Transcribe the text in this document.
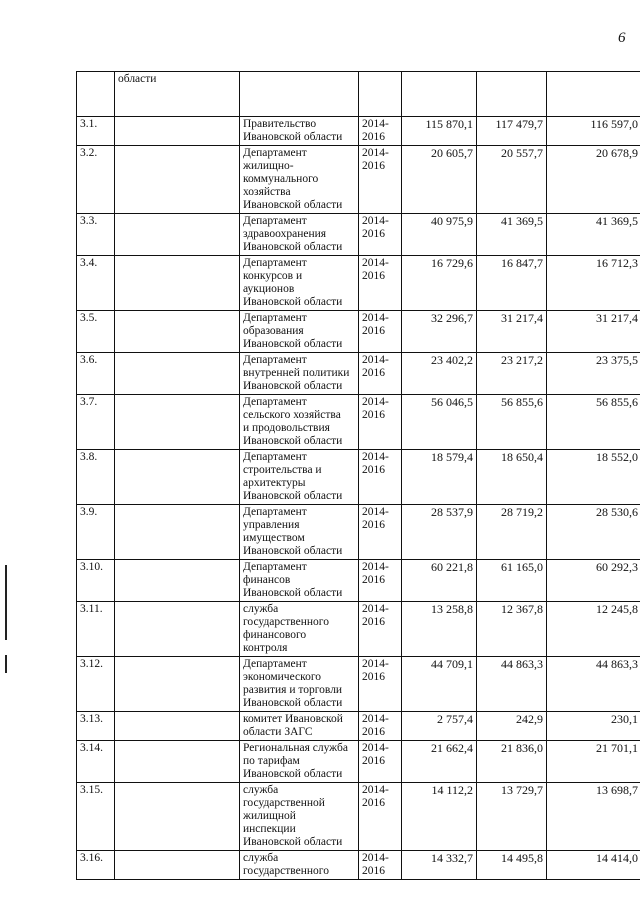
6
	области					
3.1.		Правительство
Ивановской области	2014-
2016	115 870,1	117 479,7	116 597,0
3.2.		Департамент
жилищно-
коммунального
хозяйства
Ивановской области	2014-
2016	20 605,7	20 557,7	20 678,9
3.3.		Департамент
здравоохранения
Ивановской области	2014-
2016	40 975,9	41 369,5	41 369,5
3.4.		Департамент
конкурсов и
аукционов
Ивановской области	2014-
2016	16 729,6	16 847,7	16 712,3
3.5.		Департамент
образования
Ивановской области	2014-
2016	32 296,7	31 217,4	31 217,4
3.6.		Департамент
внутренней политики
Ивановской области	2014-
2016	23 402,2	23 217,2	23 375,5
3.7.		Департамент
сельского хозяйства
и продовольствия
Ивановской области	2014-
2016	56 046,5	56 855,6	56 855,6
3.8.		Департамент
строительства и
архитектуры
Ивановской области	2014-
2016	18 579,4	18 650,4	18 552,0
3.9.		Департамент
управления
имуществом
Ивановской области	2014-
2016	28 537,9	28 719,2	28 530,6
3.10.		Департамент
финансов
Ивановской области	2014-
2016	60 221,8	61 165,0	60 292,3
3.11.		служба
государственного
финансового
контроля	2014-
2016	13 258,8	12 367,8	12 245,8
3.12.		Департамент
экономического
развития и торговли
Ивановской области	2014-
2016	44 709,1	44 863,3	44 863,3
3.13.		комитет Ивановской
области ЗАГС	2014-
2016	2 757,4	242,9	230,1
3.14.		Региональная служба
по тарифам
Ивановской области	2014-
2016	21 662,4	21 836,0	21 701,1
3.15.		служба
государственной
жилищной
инспекции
Ивановской области	2014-
2016	14 112,2	13 729,7	13 698,7
3.16.		служба
государственного	2014-
2016	14 332,7	14 495,8	14 414,0
